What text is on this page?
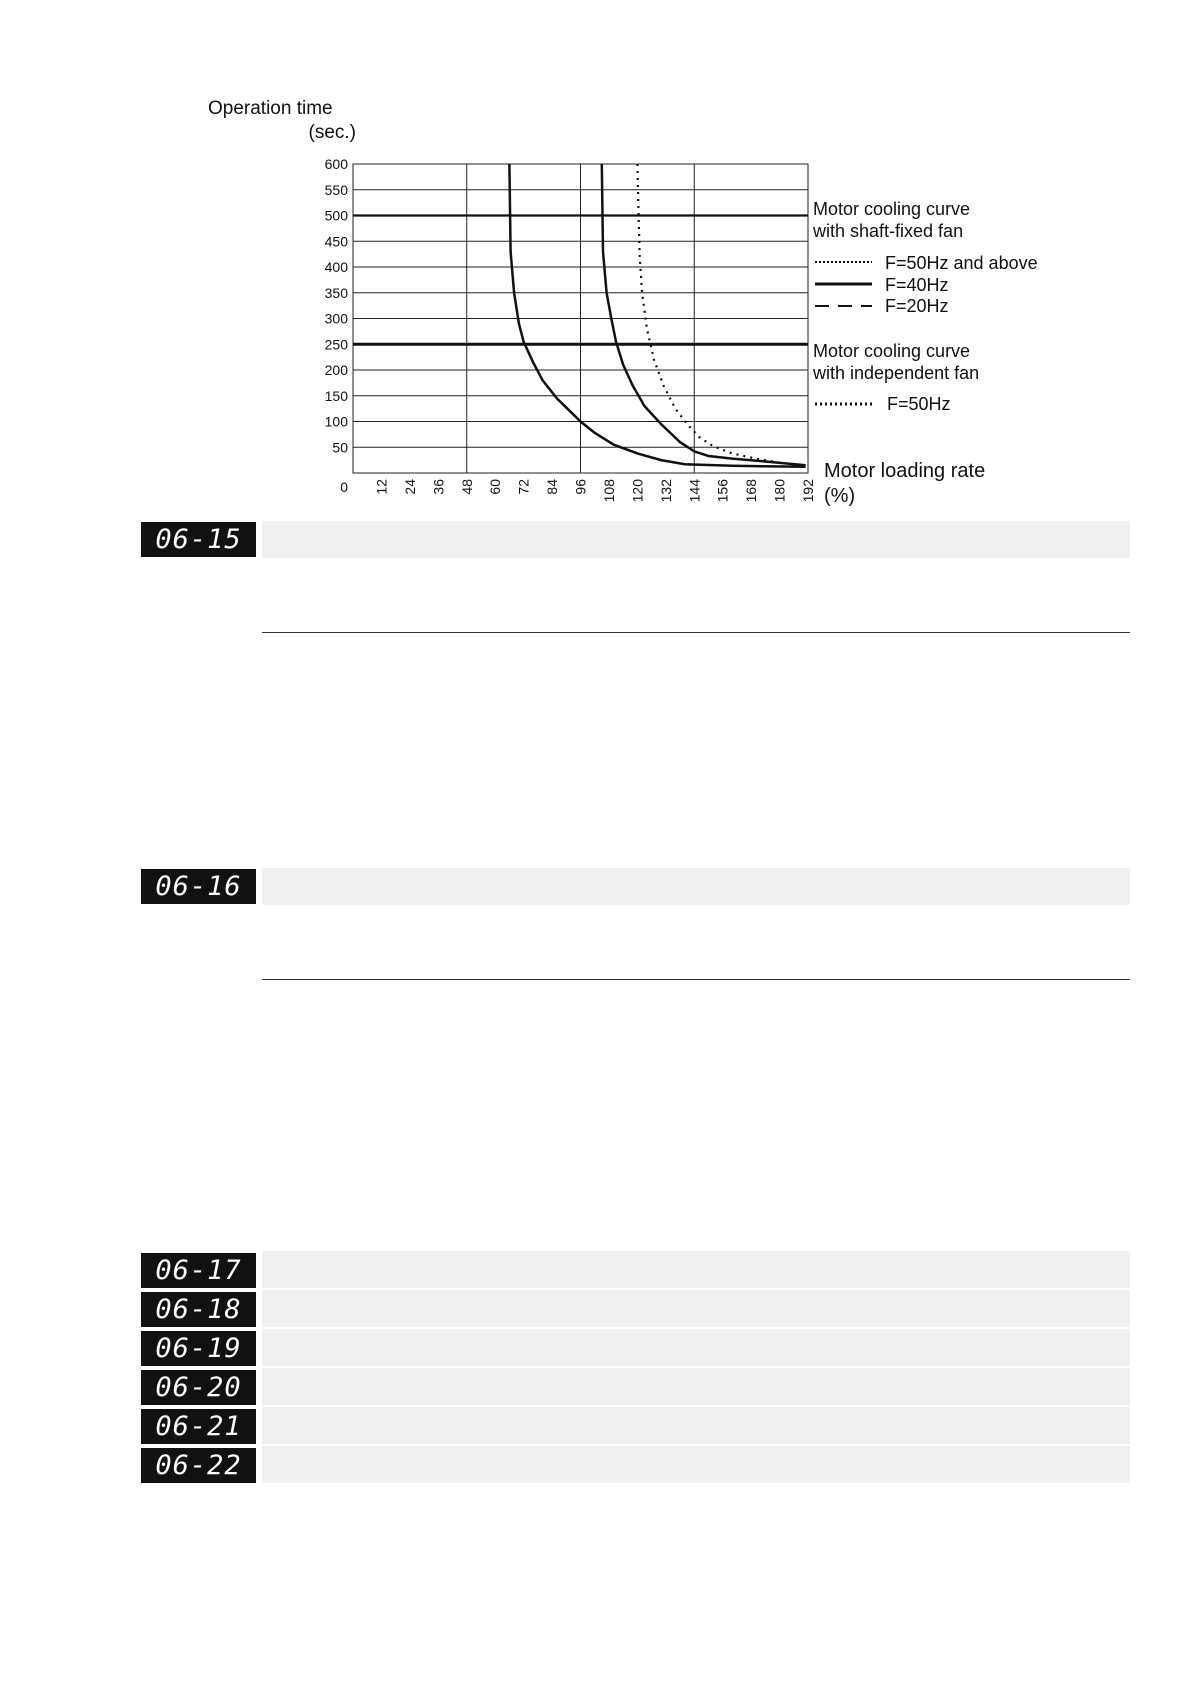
Operation time
(sec.)
600
550
500
450
400
350
300
250
200
150
100
50
0 12 24 36 48 60 72 84 96 108 120 132 144 156 168 180 192
Motor cooling curve
with shaft-fixed fan
F=50Hz and above
F=40Hz
F=20Hz
Motor cooling curve
with independent fan
F=50Hz
Motor loading rate
(%)
06-15
06-16
06-17
06-18
06-19
06-20
06-21
06-22
